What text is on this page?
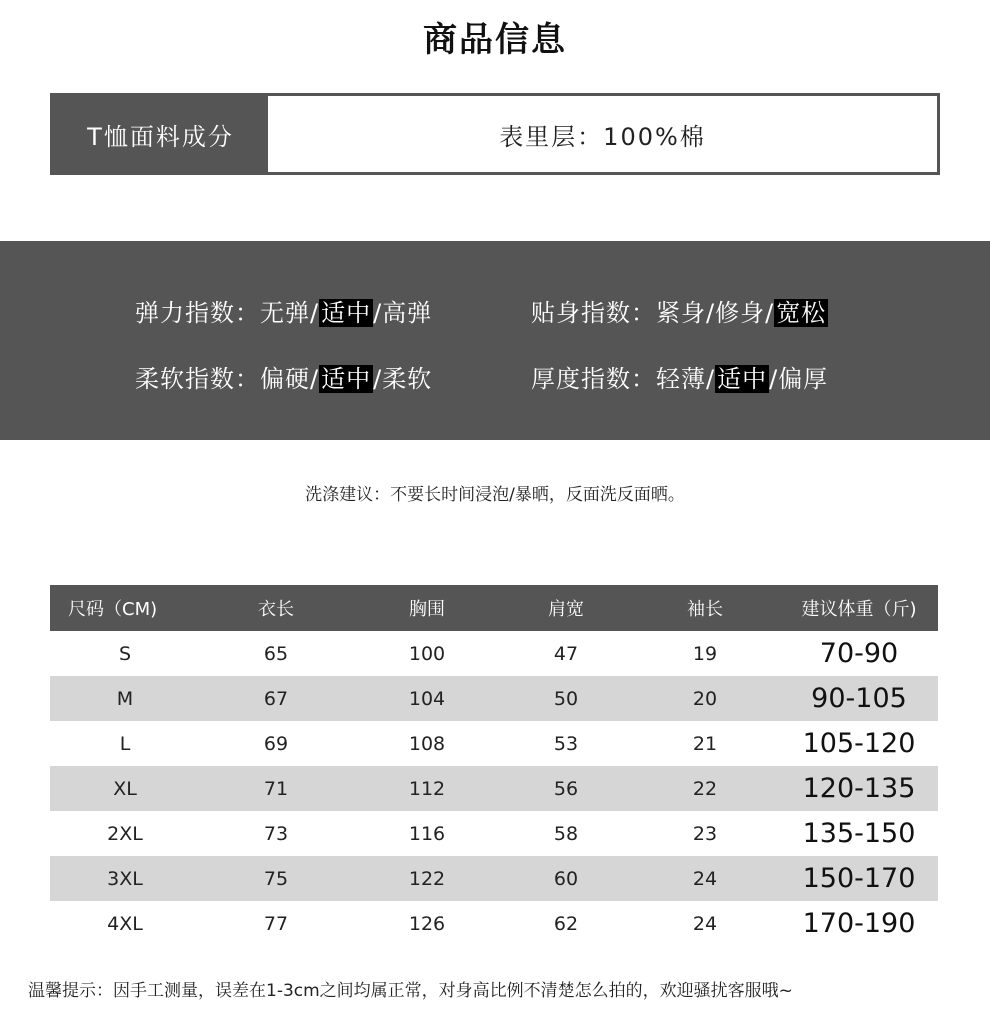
商品信息
T恤面料成分	表里层：100%棉
弹力指数：无弹/适中/高弹	贴身指数：紧身/修身/宽松
柔软指数：偏硬/适中/柔软	厚度指数：轻薄/适中/偏厚
洗涤建议：不要长时间浸泡/暴晒，反面洗反面晒。
尺码（CM)	衣长	胸围	肩宽	袖长	建议体重（斤)
S	65	100	47	19	70-90
M	67	104	50	20	90-105
L	69	108	53	21	105-120
XL	71	112	56	22	120-135
2XL	73	116	58	23	135-150
3XL	75	122	60	24	150-170
4XL	77	126	62	24	170-190
温馨提示：因手工测量，误差在1-3cm之间均属正常，对身高比例不清楚怎么拍的，欢迎骚扰客服哦~
